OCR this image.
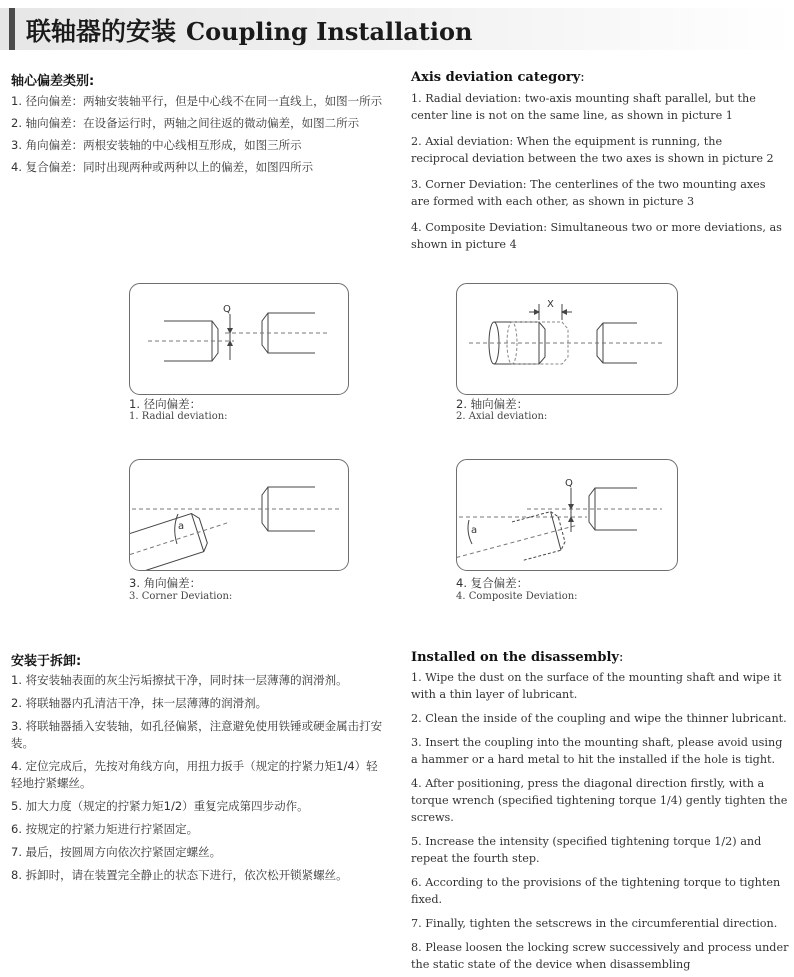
联轴器的安装 Coupling Installation

轴心偏差类别:

1. 径向偏差：两轴安装轴平行，但是中心线不在同一直线上，如图一所示

2. 轴向偏差：在设备运行时，两轴之间往返的微动偏差，如图二所示

3. 角向偏差：两根安装轴的中心线相互形成，如图三所示

4. 复合偏差：同时出现两种或两种以上的偏差，如图四所示

Axis deviation category:

1. Radial deviation: two-axis mounting shaft parallel, but the center line is not on the same line, as shown in picture 1

2. Axial deviation: When the equipment is running, the reciprocal deviation between the two axes is shown in picture 2

3. Corner Deviation: The centerlines of the two mounting axes are formed with each other, as shown in picture 3

4. Composite Deviation: Simultaneous two or more deviations, as shown in picture 4

Q
1. 径向偏差：
1. Radial deviation:
X
2. 轴向偏差：
2. Axial deviation:
a
3. 角向偏差：
3. Corner Deviation:
Q
a
4. 复合偏差：
4. Composite Deviation:

安装于拆卸:

1. 将安装轴表面的灰尘污垢擦拭干净，同时抹一层薄薄的润滑剂。

2. 将联轴器内孔清洁干净，抹一层薄薄的润滑剂。

3. 将联轴器插入安装轴，如孔径偏紧，注意避免使用铁锤或硬金属击打安装。

4. 定位完成后，先按对角线方向，用扭力扳手（规定的拧紧力矩1/4）轻轻地拧紧螺丝。

5. 加大力度（规定的拧紧力矩1/2）重复完成第四步动作。

6. 按规定的拧紧力矩进行拧紧固定。

7. 最后，按圆周方向依次拧紧固定螺丝。

8. 拆卸时，请在装置完全静止的状态下进行，依次松开锁紧螺丝。

Installed on the disassembly:

1. Wipe the dust on the surface of the mounting shaft and wipe it with a thin layer of lubricant.

2. Clean the inside of the coupling and wipe the thinner lubricant.

3. Insert the coupling into the mounting shaft, please avoid using a hammer or a hard metal to hit the installed if the hole is tight.

4. After positioning, press the diagonal direction firstly, with a torque wrench (specified tightening torque 1/4) gently tighten the screws.

5. Increase the intensity (specified tightening torque 1/2) and repeat the fourth step.

6. According to the provisions of the tightening torque to tighten fixed.

7. Finally, tighten the setscrews in the circumferential direction.

8. Please loosen the locking screw successively and process under the static state of the device when disassembling
